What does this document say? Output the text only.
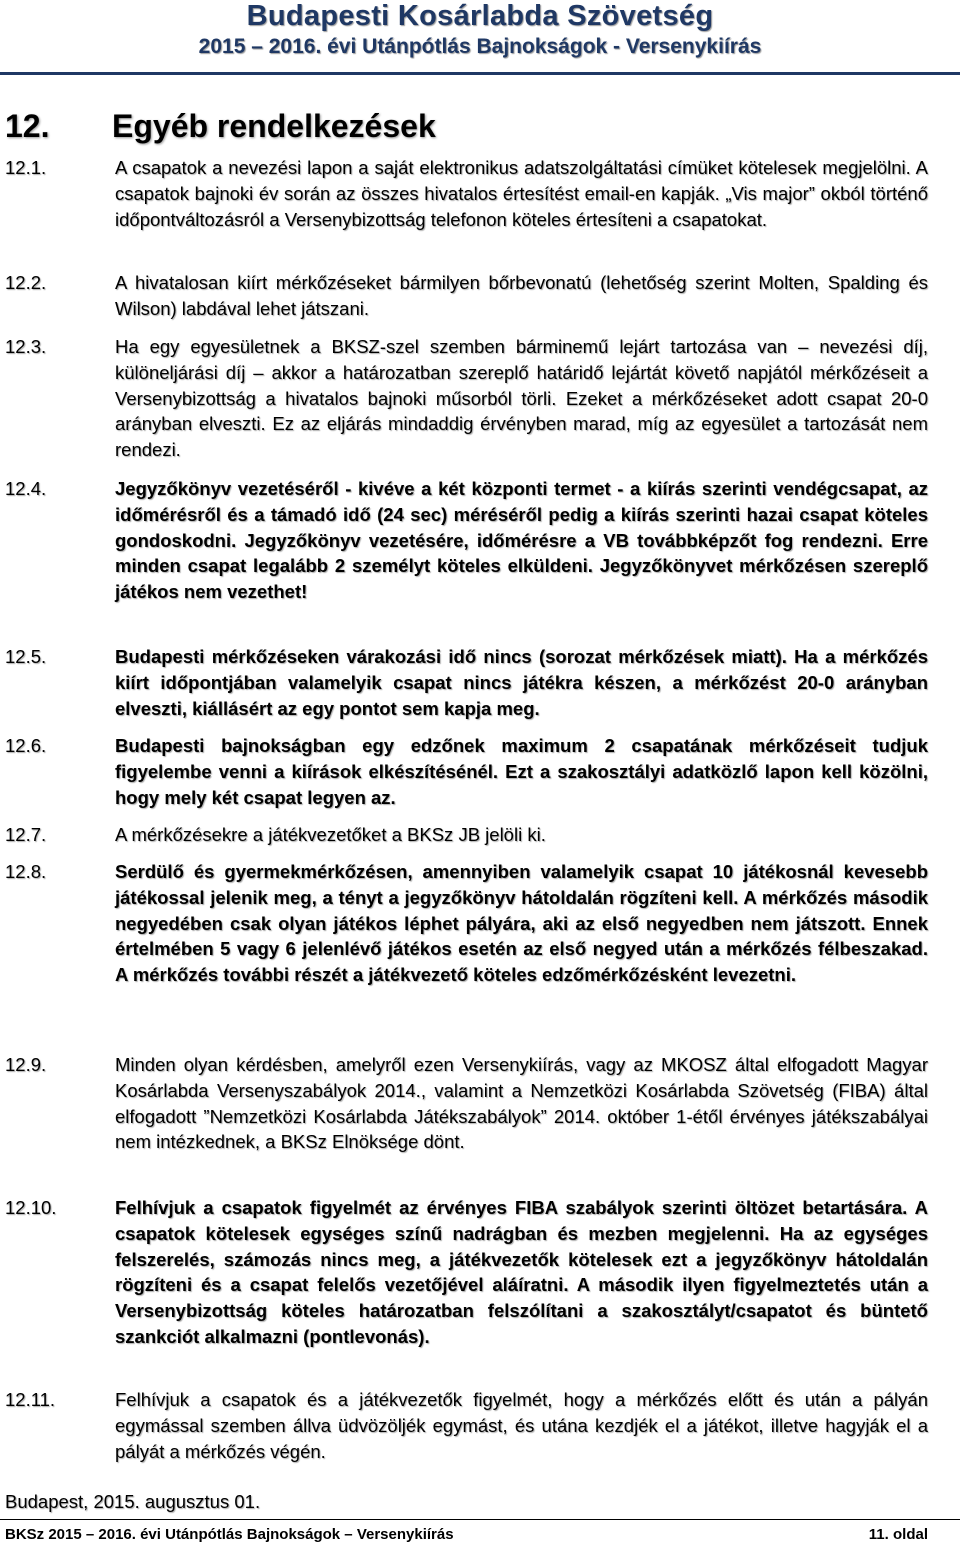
Budapesti Kosárlabda Szövetség
2015 – 2016. évi Utánpótlás Bajnokságok - Versenykiírás
12. Egyéb rendelkezések
12.1.	A csapatok a nevezési lapon a saját elektronikus adatszolgáltatási címüket kötelesek megjelölni. A csapatok bajnoki év során az összes hivatalos értesítést email-en kapják. „Vis major” okból történő időpontváltozásról a Versenybizottság telefonon köteles értesíteni a csapatokat.
12.2.	A hivatalosan kiírt mérkőzéseket bármilyen bőrbevonatú (lehetőség szerint Molten, Spalding és Wilson) labdával lehet játszani.
12.3.	Ha egy egyesületnek a BKSZ-szel szemben bárminemű lejárt tartozása van – nevezési díj, különeljárási díj – akkor a határozatban szereplő határidő lejártát követő napjától mérkőzéseit a Versenybizottság a hivatalos bajnoki műsorból törli. Ezeket a mérkőzéseket adott csapat 20-0 arányban elveszti. Ez az eljárás mindaddig érvényben marad, míg az egyesület a tartozását nem rendezi.
12.4.	Jegyzőkönyv vezetéséről - kivéve a két központi termet - a kiírás szerinti vendégcsapat, az időmérésről és a támadó idő (24 sec) méréséről pedig a kiírás szerinti hazai csapat köteles gondoskodni. Jegyzőkönyv vezetésére, időmérésre a VB továbbképzőt fog rendezni. Erre minden csapat legalább 2 személyt köteles elküldeni. Jegyzőkönyvet mérkőzésen szereplő játékos nem vezethet!
12.5.	Budapesti mérkőzéseken várakozási idő nincs (sorozat mérkőzések miatt). Ha a mérkőzés kiírt időpontjában valamelyik csapat nincs játékra készen, a mérkőzést 20-0 arányban elveszti, kiállásért az egy pontot sem kapja meg.
12.6.	Budapesti bajnokságban egy edzőnek maximum 2 csapatának mérkőzéseit tudjuk figyelembe venni a kiírások elkészítésénél. Ezt a szakosztályi adatközlő lapon kell közölni, hogy mely két csapat legyen az.
12.7.	A mérkőzésekre a játékvezetőket a BKSz JB jelöli ki.
12.8.	Serdülő és gyermekmérkőzésen, amennyiben valamelyik csapat 10 játékosnál kevesebb játékossal jelenik meg, a tényt a jegyzőkönyv hátoldalán rögzíteni kell. A mérkőzés második negyedében csak olyan játékos léphet pályára, aki az első negyedben nem játszott. Ennek értelmében 5 vagy 6 jelenlévő játékos esetén az első negyed után a mérkőzés félbeszakad. A mérkőzés további részét a játékvezető köteles edzőmérkőzésként levezetni.
12.9.	Minden olyan kérdésben, amelyről ezen Versenykiírás, vagy az MKOSZ által elfogadott Magyar Kosárlabda Versenyszabályok 2014., valamint a Nemzetközi Kosárlabda Szövetség (FIBA) által elfogadott ”Nemzetközi Kosárlabda Játékszabályok” 2014. október 1-étől érvényes játékszabályai nem intézkednek, a BKSz Elnöksége dönt.
12.10.	Felhívjuk a csapatok figyelmét az érvényes FIBA szabályok szerinti öltözet betartására. A csapatok kötelesek egységes színű nadrágban és mezben megjelenni. Ha az egységes felszerelés, számozás nincs meg, a játékvezetők kötelesek ezt a jegyzőkönyv hátoldalán rögzíteni és a csapat felelős vezetőjével aláíratni. A második ilyen figyelmeztetés után a Versenybizottság köteles határozatban felszólítani a szakosztályt/csapatot és büntető szankciót alkalmazni (pontlevonás).
12.11.	Felhívjuk a csapatok és a játékvezetők figyelmét, hogy a mérkőzés előtt és után a pályán egymással szemben állva üdvözöljék egymást, és utána kezdjék el a játékot, illetve hagyják el a pályát a mérkőzés végén.
Budapest, 2015. augusztus 01.
BKSz 2015 – 2016. évi Utánpótlás Bajnokságok – Versenykiírás	11. oldal
